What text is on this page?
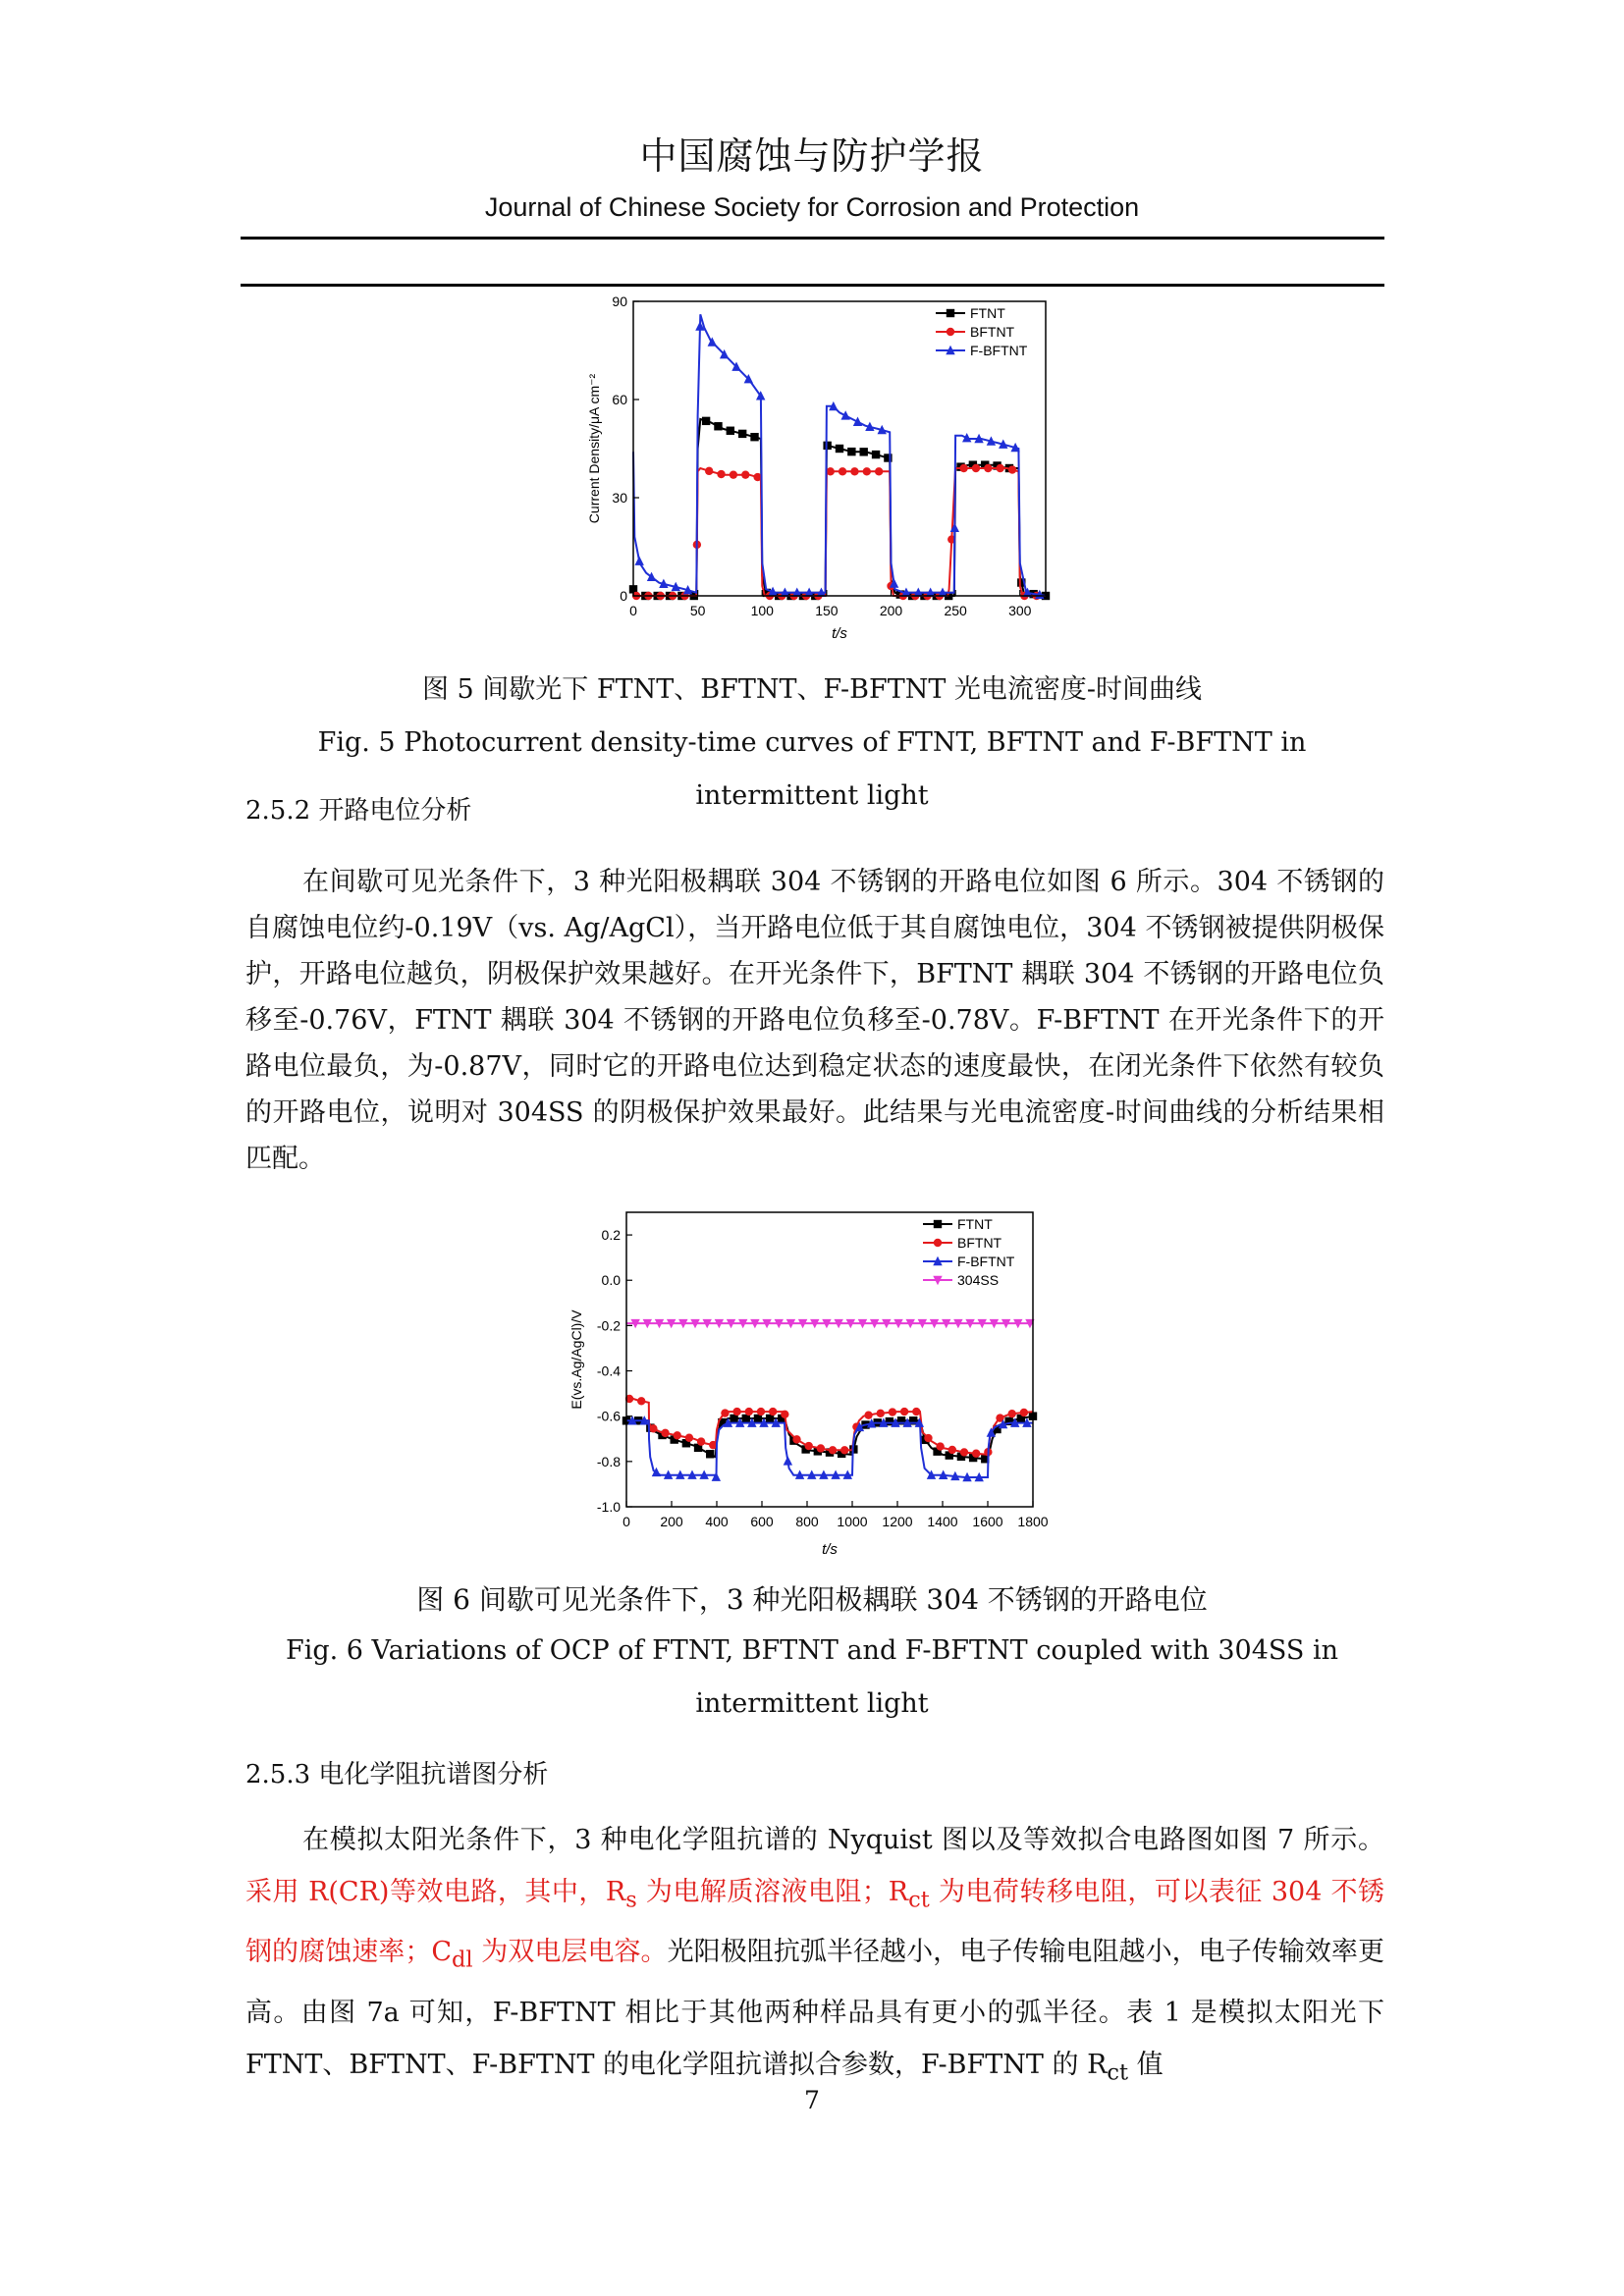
中国腐蚀与防护学报
Journal of Chinese Society for Corrosion and Protection
0	50	100	150	200	250	300
0
30
60
90
FTNT
BFTNT
F-BFTNT
Current Density/μA cm⁻²
t/s
图 5 间歇光下 FTNT、BFTNT、F-BFTNT 光电流密度-时间曲线
Fig. 5 Photocurrent density-time curves of FTNT, BFTNT and F-BFTNT in intermittent light
2.5.2 开路电位分析

在间歇可见光条件下，3 种光阳极耦联 304 不锈钢的开路电位如图 6 所示。304 不锈钢的自腐蚀电位约-0.19V（vs. Ag/AgCl），当开路电位低于其自腐蚀电位，304 不锈钢被提供阴极保护，开路电位越负，阴极保护效果越好。在开光条件下，BFTNT 耦联 304 不锈钢的开路电位负移至-0.76V，FTNT 耦联 304 不锈钢的开路电位负移至-0.78V。F-BFTNT 在开光条件下的开路电位最负，为-0.87V，同时它的开路电位达到稳定状态的速度最快，在闭光条件下依然有较负的开路电位，说明对 304SS 的阴极保护效果最好。此结果与光电流密度-时间曲线的分析结果相匹配。

0 200 400 600 800 1000 1200 1400 1600 1800
-1.0
-0.8
-0.6
-0.4
-0.2
0.0
0.2
FTNT
BFTNT
F-BFTNT
304SS
E(vs.Ag/AgCl)/V
t/s
图 6 间歇可见光条件下，3 种光阳极耦联 304 不锈钢的开路电位
Fig. 6 Variations of OCP of FTNT, BFTNT and F-BFTNT coupled with 304SS in intermittent light
2.5.3 电化学阻抗谱图分析

在模拟太阳光条件下，3 种电化学阻抗谱的 Nyquist 图以及等效拟合电路图如图 7 所示。采用 R(CR)等效电路，其中，$R_s$ 为电解质溶液电阻；$R_{ct}$ 为电荷转移电阻，可以表征 304 不锈钢的腐蚀速率；$C_{dl}$ 为双电层电容。光阳极阻抗弧半径越小，电子传输电阻越小，电子传输效率更高。由图 7a 可知，F-BFTNT 相比于其他两种样品具有更小的弧半径。表 1 是模拟太阳光下 FTNT、BFTNT、F-BFTNT 的电化学阻抗谱拟合参数，F-BFTNT 的 $R_{ct}$ 值

7
